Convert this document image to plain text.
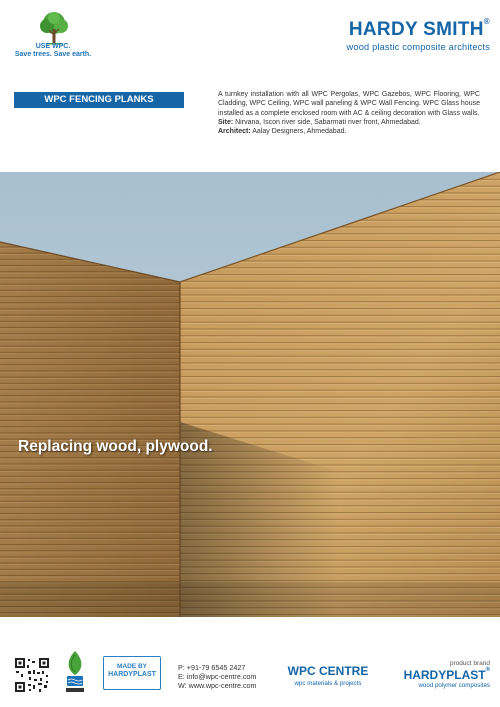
USE WPC.
Save trees. Save earth.
HARDY SMITH®
wood plastic composite architects
WPC FENCING PLANKS	A turnkey installation with all WPC Pergolas, WPC Gazebos, WPC Flooring, WPC Cladding, WPC Ceiling, WPC wall paneling & WPC Wall Fencing. WPC Glass house installed as a complete enclosed room with AC & ceiling decoration with Glass walls.

Site: Nirvana, Iscon river side, Sabarmati river front, Ahmedabad.

Architect: Aalay Designers, Ahmedabad.

Replacing wood, plywood.
MADE BY
HARDYPLAST
P: +91-79 6545 2427
E: info@wpc-centre.com
W: www.wpc-centre.com
WPC CENTRE
wpc materials & projects
product brand
HARDYPLAST®
wood polymer composites
